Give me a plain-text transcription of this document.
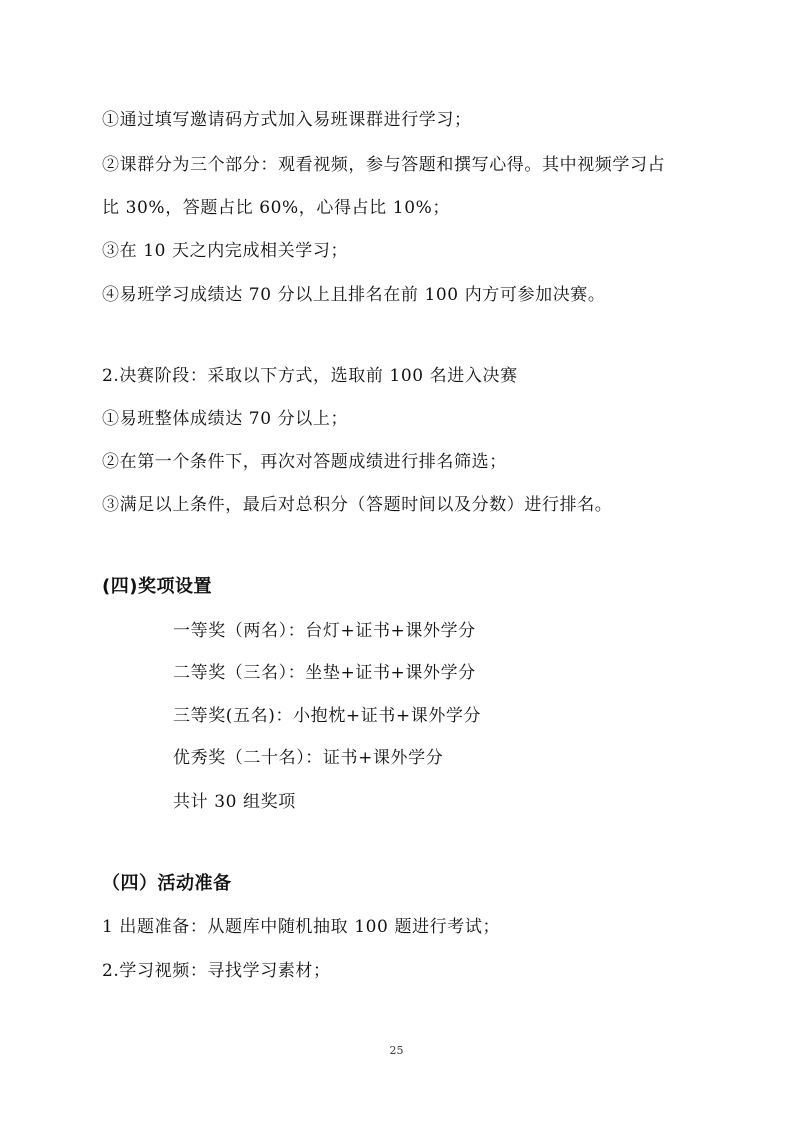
①通过填写邀请码方式加入易班课群进行学习；
②课群分为三个部分：观看视频，参与答题和撰写心得。其中视频学习占
比 30%，答题占比 60%，心得占比 10%；
③在 10 天之内完成相关学习；
④易班学习成绩达 70 分以上且排名在前 100 内方可参加决赛。
2.决赛阶段：采取以下方式，选取前 100 名进入决赛
①易班整体成绩达 70 分以上；
②在第一个条件下，再次对答题成绩进行排名筛选；
③满足以上条件，最后对总积分（答题时间以及分数）进行排名。
(四)奖项设置
一等奖（两名）：台灯+证书+课外学分
二等奖（三名）：坐垫+证书+课外学分
三等奖(五名)：小抱枕+证书+课外学分
优秀奖（二十名）：证书+课外学分
共计 30 组奖项
（四）活动准备
1 出题准备：从题库中随机抽取 100 题进行考试；
2.学习视频：寻找学习素材；
25
